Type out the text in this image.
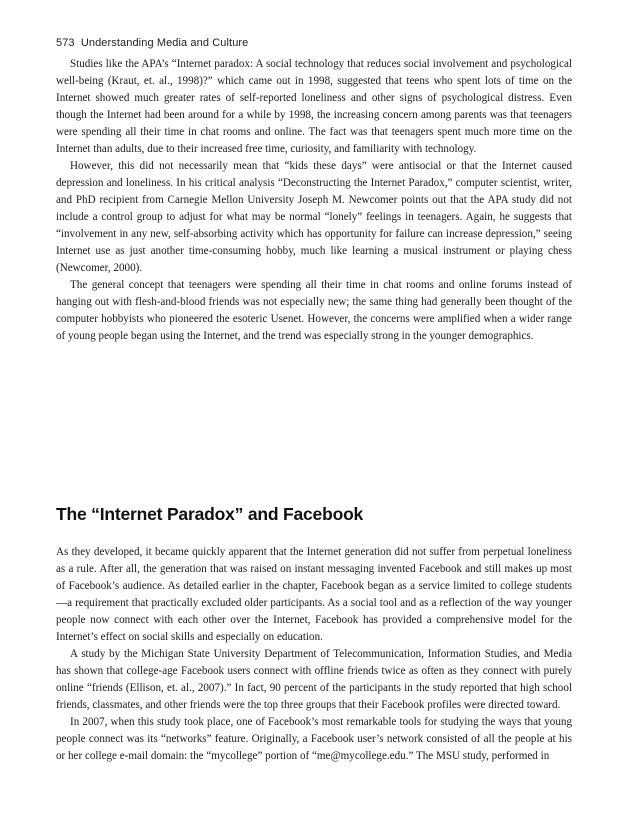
573 Understanding Media and Culture

Studies like the APA’s “Internet paradox: A social technology that reduces social involvement and psychological well-being (Kraut, et. al., 1998)?” which came out in 1998, suggested that teens who spent lots of time on the Internet showed much greater rates of self-reported loneliness and other signs of psychological distress. Even though the Internet had been around for a while by 1998, the increasing concern among parents was that teenagers were spending all their time in chat rooms and online. The fact was that teenagers spent much more time on the Internet than adults, due to their increased free time, curiosity, and familiarity with technology.

However, this did not necessarily mean that “kids these days” were antisocial or that the Internet caused depression and loneliness. In his critical analysis “Deconstructing the Internet Paradox,” computer scientist, writer, and PhD recipient from Carnegie Mellon University Joseph M. Newcomer points out that the APA study did not include a control group to adjust for what may be normal “lonely” feelings in teenagers. Again, he suggests that “involvement in any new, self-absorbing activity which has opportunity for failure can increase depression,” seeing Internet use as just another time-consuming hobby, much like learning a musical instrument or playing chess (Newcomer, 2000).

The general concept that teenagers were spending all their time in chat rooms and online forums instead of hanging out with flesh-and-blood friends was not especially new; the same thing had generally been thought of the computer hobbyists who pioneered the esoteric Usenet. However, the concerns were amplified when a wider range of young people began using the Internet, and the trend was especially strong in the younger demographics.

The “Internet Paradox” and Facebook

As they developed, it became quickly apparent that the Internet generation did not suffer from perpetual loneliness as a rule. After all, the generation that was raised on instant messaging invented Facebook and still makes up most of Facebook’s audience. As detailed earlier in the chapter, Facebook began as a service limited to college students—a requirement that practically excluded older participants. As a social tool and as a reflection of the way younger people now connect with each other over the Internet, Facebook has provided a comprehensive model for the Internet’s effect on social skills and especially on education.

A study by the Michigan State University Department of Telecommunication, Information Studies, and Media has shown that college-age Facebook users connect with offline friends twice as often as they connect with purely online “friends (Ellison, et. al., 2007).” In fact, 90 percent of the participants in the study reported that high school friends, classmates, and other friends were the top three groups that their Facebook profiles were directed toward.

In 2007, when this study took place, one of Facebook’s most remarkable tools for studying the ways that young people connect was its “networks” feature. Originally, a Facebook user’s network consisted of all the people at his or her college e-mail domain: the “mycollege” portion of “me@mycollege.edu.” The MSU study, performed in
